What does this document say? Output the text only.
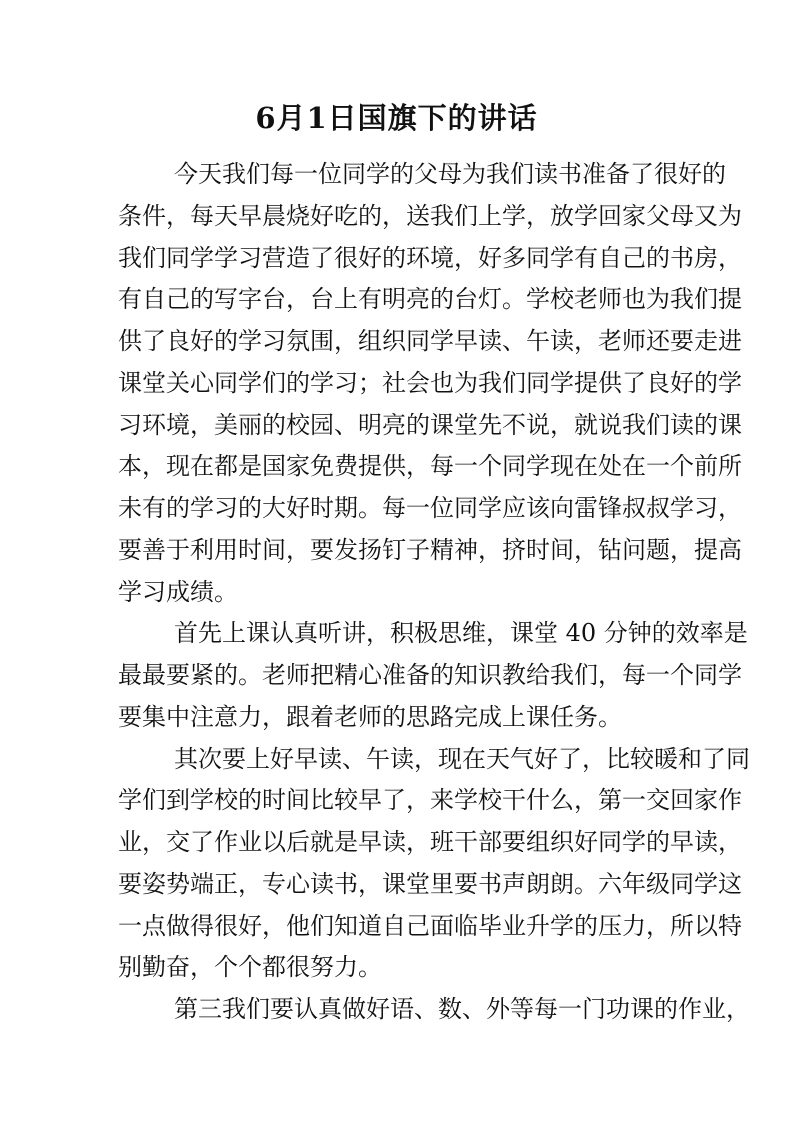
6月1日国旗下的讲话
今天我们每一位同学的父母为我们读书准备了很好的
条件，每天早晨烧好吃的，送我们上学，放学回家父母又为
我们同学学习营造了很好的环境，好多同学有自己的书房，
有自己的写字台，台上有明亮的台灯。学校老师也为我们提
供了良好的学习氛围，组织同学早读、午读，老师还要走进
课堂关心同学们的学习；社会也为我们同学提供了良好的学
习环境，美丽的校园、明亮的课堂先不说，就说我们读的课
本，现在都是国家免费提供，每一个同学现在处在一个前所
未有的学习的大好时期。每一位同学应该向雷锋叔叔学习，
要善于利用时间，要发扬钉子精神，挤时间，钻问题，提高
学习成绩。
首先上课认真听讲，积极思维，课堂 40 分钟的效率是
最最要紧的。老师把精心准备的知识教给我们，每一个同学
要集中注意力，跟着老师的思路完成上课任务。
其次要上好早读、午读，现在天气好了，比较暖和了同
学们到学校的时间比较早了，来学校干什么，第一交回家作
业，交了作业以后就是早读，班干部要组织好同学的早读，
要姿势端正，专心读书，课堂里要书声朗朗。六年级同学这
一点做得很好，他们知道自己面临毕业升学的压力，所以特
别勤奋，个个都很努力。
第三我们要认真做好语、数、外等每一门功课的作业，
